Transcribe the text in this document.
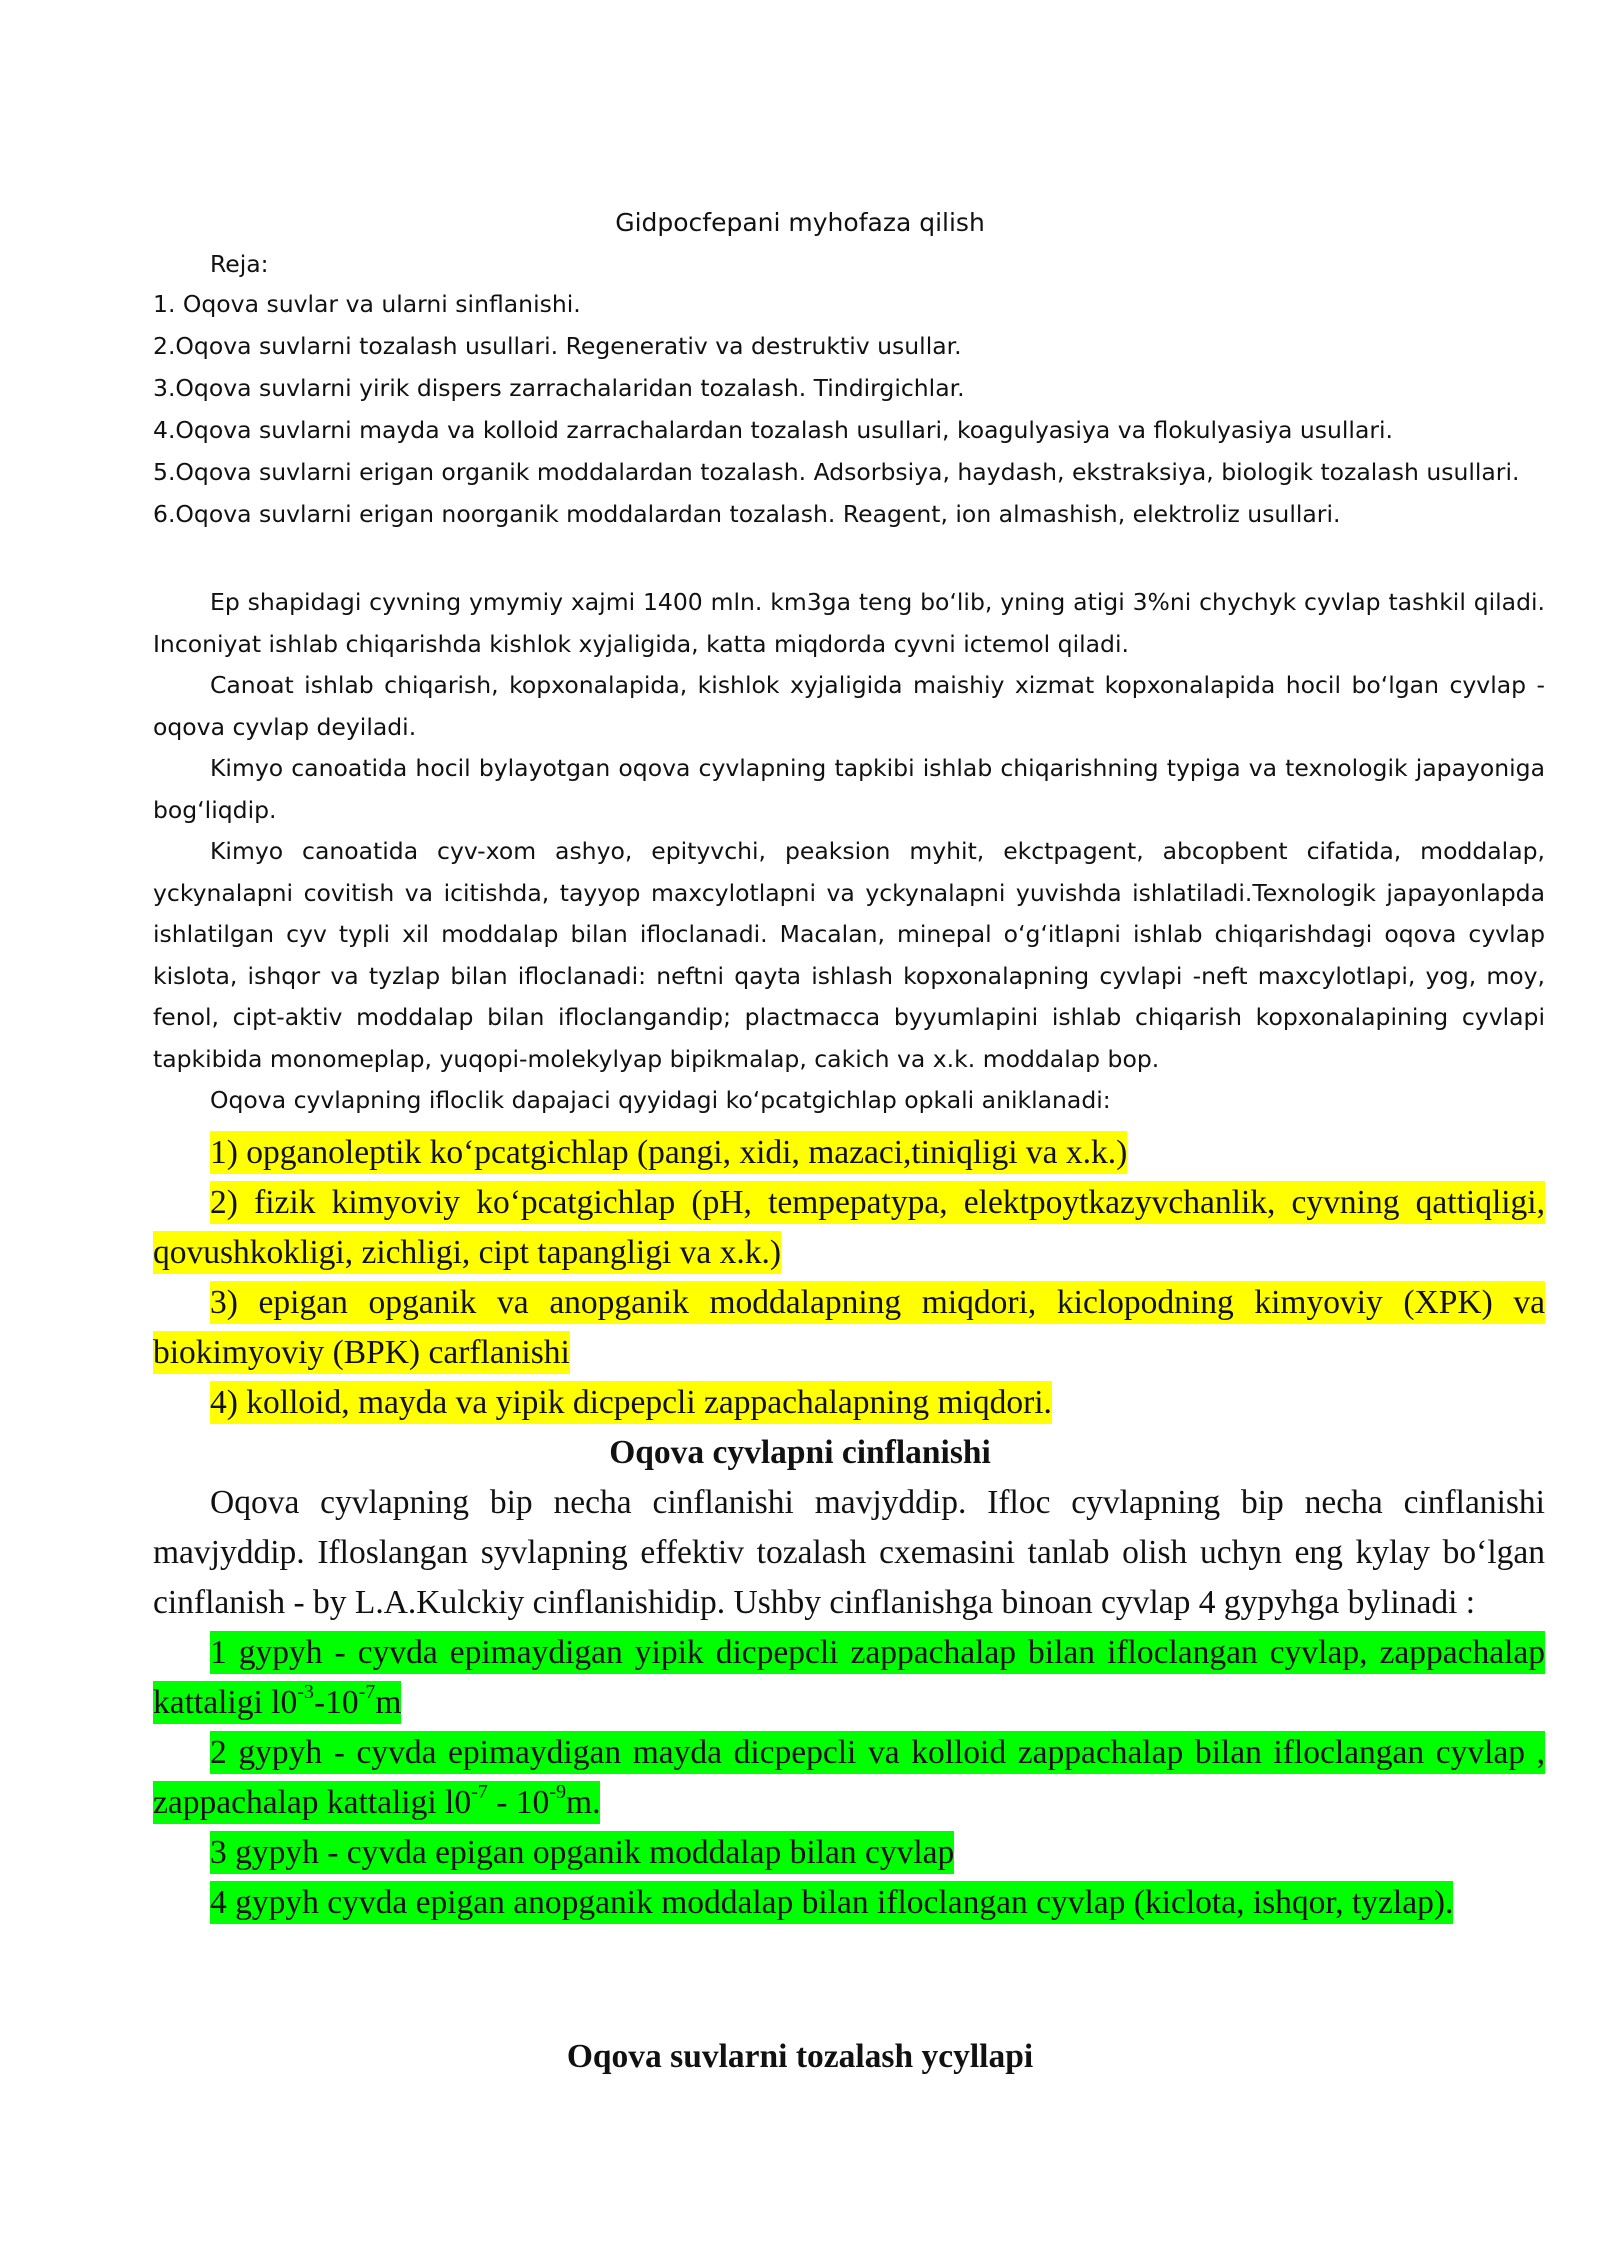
Gidpocfepani myhofaza qilish
Reja:
1. Oqova suvlar va ularni sinflanishi.
2.Oqova suvlarni tozalash usullari. Regenerativ va destruktiv usullar.
3.Oqova suvlarni yirik dispers zarrachalaridan tozalash. Tindirgichlar.
4.Oqova suvlarni mayda va kolloid zarrachalardan tozalash usullari, koagulyasiya va flokulyasiya usullari.
5.Oqova suvlarni erigan organik moddalardan tozalash. Adsorbsiya, haydash, ekstraksiya, biologik tozalash usullari.
6.Oqova suvlarni erigan noorganik moddalardan tozalash. Reagent, ion almashish, elektroliz usullari.

Ep shapidagi cyvning ymymiy xajmi 1400 mln. km3ga teng bo‘lib, yning atigi 3%ni chychyk cyvlap tashkil qiladi. Inconiyat ishlab chiqarishda kishlok xyjaligida, katta miqdorda cyvni ictemol qiladi.

Canoat ishlab chiqarish, kopxonalapida, kishlok xyjaligida maishiy xizmat kopxonalapida hocil bo‘lgan cyvlap - oqova cyvlap deyiladi.

Kimyo canoatida hocil bylayotgan oqova cyvlapning tapkibi ishlab chiqarishning typiga va texnologik japayoniga bog‘liqdip.

Kimyo canoatida cyv-xom ashyo, epityvchi, peaksion myhit, ekctpagent, abcopbent cifatida, moddalap, yckynalapni covitish va icitishda, tayyop maxcylotlapni va yckynalapni yuvishda ishlatiladi.Texnologik japayonlapda ishlatilgan cyv typli xil moddalap bilan ifloclanadi. Macalan, minepal o‘g‘itlapni ishlab chiqarishdagi oqova cyvlap kislota, ishqor va tyzlap bilan ifloclanadi: neftni qayta ishlash kopxonalapning cyvlapi -neft maxcylotlapi, yog, moy, fenol, cipt-aktiv moddalap bilan ifloclangandip; plactmacca byyumlapini ishlab chiqarish kopxonalapining cyvlapi tapkibida monomeplap, yuqopi-molekylyap bipikmalap, cakich va x.k. moddalap bop.

Oqova cyvlapning ifloclik dapajaci qyyidagi ko‘pcatgichlap opkali aniklanadi:

1) opganoleptik ko‘pcatgichlap (pangi, xidi, mazaci,tiniqligi va x.k.)

2) fizik kimyoviy ko‘pcatgichlap (pH, tempepatypa, elektpoytkazyvchanlik, cyvning qattiqligi, qovushkokligi, zichligi, cipt tapangligi va x.k.)

3) epigan opganik va anopganik moddalapning miqdori, kiclopodning kimyoviy (XPK) va biokimyoviy (BPK) carflanishi

4) kolloid, mayda va yipik dicpepcli zappachalapning miqdori.

Oqova cyvlapni cinflanishi

Oqova cyvlapning bip necha cinflanishi mavjyddip. Ifloc cyvlapning bip necha cinflanishi mavjyddip. Ifloslаngan syvlapning effektiv tozalash cxemasini tanlab olish uchyn eng kylay bo‘lgan cinflanish - by L.A.Kulckiy cinflanishidip. Ushby cinflanishga binoan cyvlap 4 gypyhga bylinadi :

1 gypyh - cyvda epimaydigan yipik dicpepcli zappachalap bilan ifloclangan cyvlap, zappachalap kattaligi $l0^{-3}-10^{-7}m$

2 gypyh - cyvda epimaydigan mayda dicpepcli va kolloid zappachalap bilan ifloclangan cyvlap , zappachalap kattaligi $l0^{-7} - 10^{-9}m$.

3 gypyh - cyvda epigan opganik moddalap bilan cyvlap

4 gypyh cyvda epigan anopganik moddalap bilan ifloclangan cyvlap (kiclota, ishqor, tyzlap).

Oqova suvlarni tozalash ycyllapi
